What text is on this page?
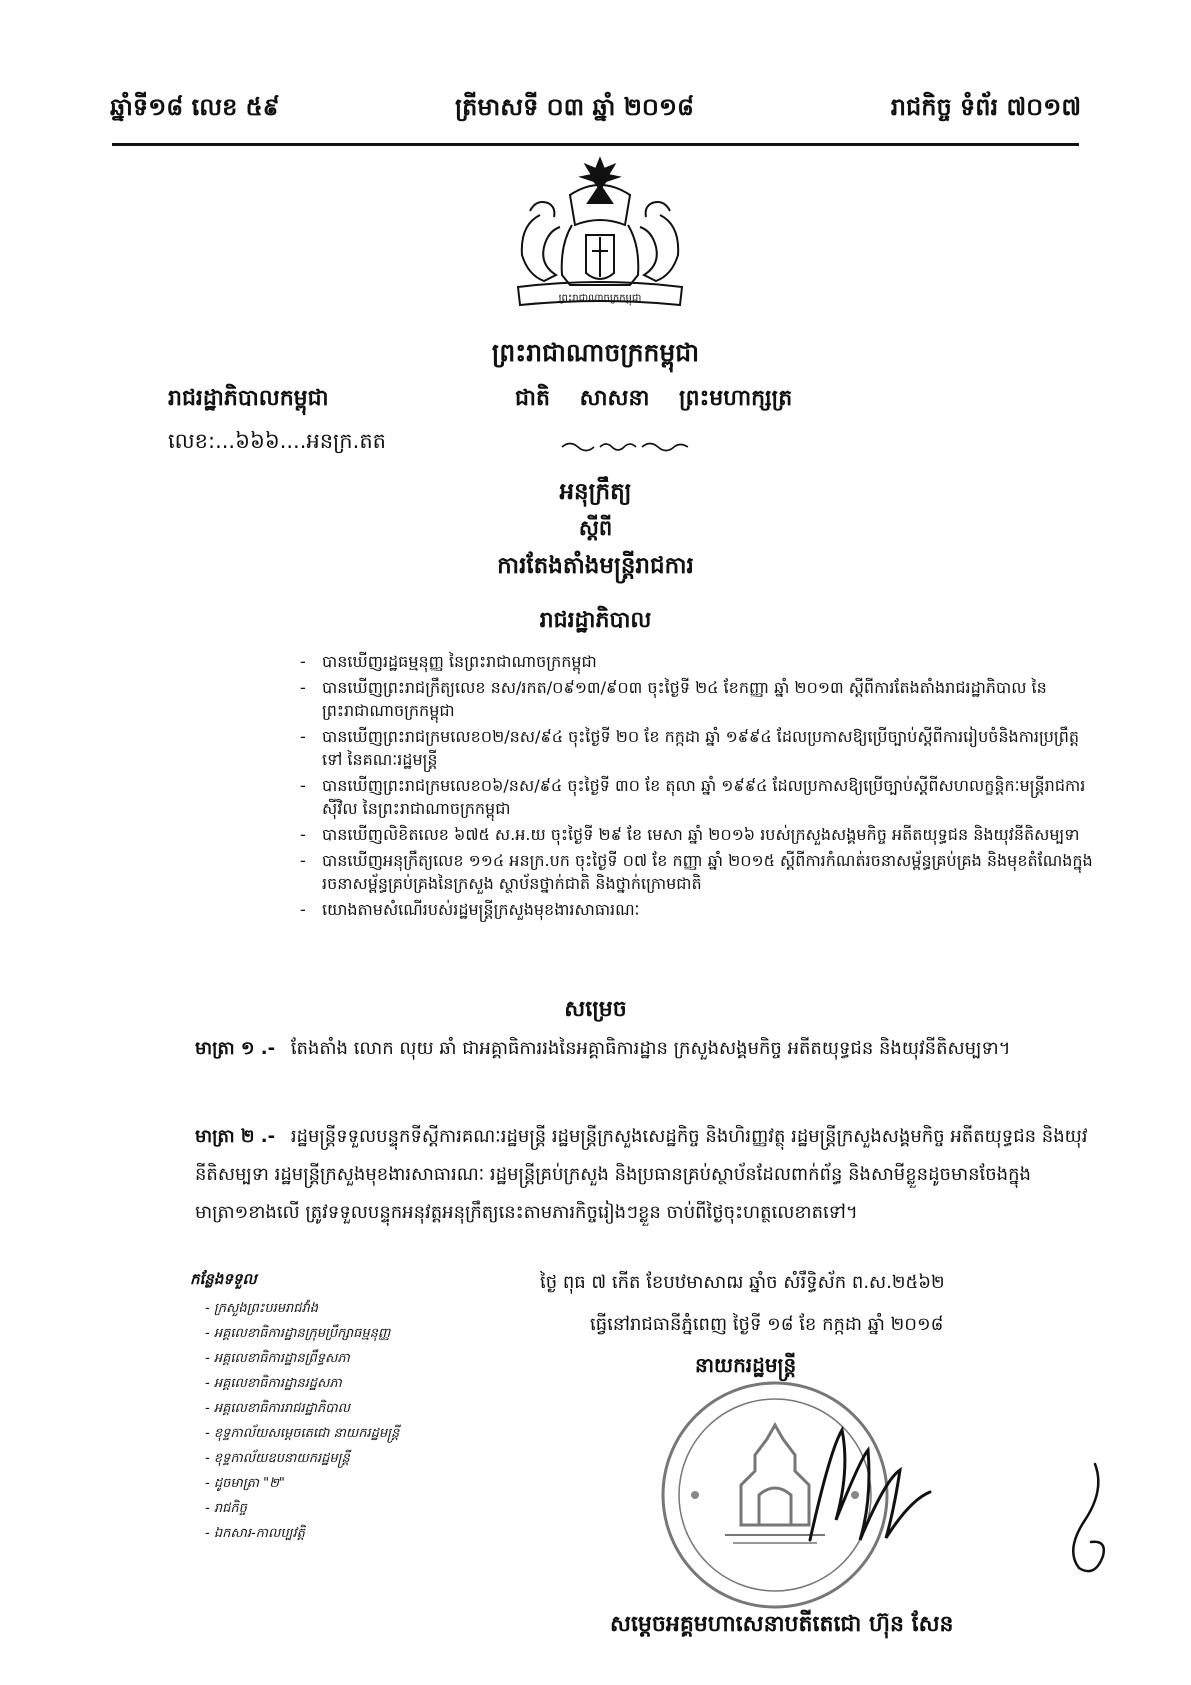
ឆ្នាំទី១៨ លេខ ៥៩	ត្រីមាសទី ០៣ ឆ្នាំ ២០១៨	រាជកិច្ច ទំព័រ ៧០១៧
ព្រះរាជាណាចក្រកម្ពុជា
ព្រះរាជាណាចក្រកម្ពុជា
រាជរដ្ឋាភិបាលកម្ពុជា	ជាតិ សាសនា ព្រះមហាក្សត្រ
លេខ:...៦៦៦....អនក្រ.តត
អនុក្រឹត្យ
ស្តីពី
ការតែងតាំងមន្ត្រីរាជការ
រាជរដ្ឋាភិបាល
- បានឃើញរដ្ឋធម្មនុញ្ញ នៃព្រះរាជាណាចក្រកម្ពុជា
- បានឃើញព្រះរាជក្រឹត្យលេខ នស/រកត/០៩១៣/៩០៣ ចុះថ្ងៃទី ២៤ ខែកញ្ញា ឆ្នាំ ២០១៣ ស្តីពីការតែងតាំងរាជរដ្ឋាភិបាល នៃព្រះរាជាណាចក្រកម្ពុជា
- បានឃើញព្រះរាជក្រមលេខ០២/នស/៩៤ ចុះថ្ងៃទី ២០ ខែ កក្កដា ឆ្នាំ ១៩៩៤ ដែលប្រកាសឱ្យប្រើច្បាប់ស្តីពីការរៀបចំនិងការប្រព្រឹត្តទៅ នៃគណៈរដ្ឋមន្ត្រី
- បានឃើញព្រះរាជក្រមលេខ០៦/នស/៩៤ ចុះថ្ងៃទី ៣០ ខែ តុលា ឆ្នាំ ១៩៩៤ ដែលប្រកាសឱ្យប្រើច្បាប់ស្តីពីសហលក្ខន្តិកៈមន្ត្រីរាជការស៊ីវិល នៃព្រះរាជាណាចក្រកម្ពុជា
- បានឃើញលិខិតលេខ ៦៧៥ ស.អ.យ ចុះថ្ងៃទី ២៩ ខែ មេសា ឆ្នាំ ២០១៦ របស់ក្រសួងសង្គមកិច្ច អតីតយុទ្ធជន និងយុវនីតិសម្បទា
- បានឃើញអនុក្រឹត្យលេខ ១១៤ អនក្រ.បក ចុះថ្ងៃទី ០៧ ខែ កញ្ញា ឆ្នាំ ២០១៥ ស្តីពីការកំណត់រចនាសម្ព័ន្ធគ្រប់គ្រង និងមុខតំណែងក្នុងរចនាសម្ព័ន្ធគ្រប់គ្រងនៃក្រសួង ស្ថាប័នថ្នាក់ជាតិ និងថ្នាក់ក្រោមជាតិ
- យោងតាមសំណើរបស់រដ្ឋមន្ត្រីក្រសួងមុខងារសាធារណៈ
សម្រេច
មាត្រា ១ .- តែងតាំង លោក លុយ ឆាំ ជាអគ្គាធិការរងនៃអគ្គាធិការដ្ឋាន ក្រសួងសង្គមកិច្ច អតីតយុទ្ធជន និងយុវនីតិសម្បទា។
មាត្រា ២ .- រដ្ឋមន្ត្រីទទួលបន្ទុកទីស្តីការគណៈរដ្ឋមន្ត្រី រដ្ឋមន្ត្រីក្រសួងសេដ្ឋកិច្ច និងហិរញ្ញវត្ថុ រដ្ឋមន្ត្រីក្រសួងសង្គមកិច្ច អតីតយុទ្ធជន និងយុវនីតិសម្បទា រដ្ឋមន្ត្រីក្រសួងមុខងារសាធារណៈ រដ្ឋមន្ត្រីគ្រប់ក្រសួង និងប្រធានគ្រប់ស្ថាប័នដែលពាក់ព័ន្ធ និងសាមីខ្លួនដូចមានចែងក្នុងមាត្រា១ខាងលើ ត្រូវទទួលបន្ទុកអនុវត្តអនុក្រឹត្យនេះតាមភារកិច្ចរៀងៗខ្លួន ចាប់ពីថ្ងៃចុះហត្ថលេខាតទៅ។
ថ្ងៃ ពុធ ៧ កើត ខែបឋមាសាឍ ឆ្នាំច សំរឹទ្ធិស័ក ព.ស.២៥៦២
ធ្វើនៅរាជធានីភ្នំពេញ ថ្ងៃទី ១៨ ខែ កក្កដា ឆ្នាំ ២០១៨
នាយករដ្ឋមន្ត្រី
កន្លែងទទួល
- ក្រសួងព្រះបរមរាជវាំង
- អគ្គលេខាធិការដ្ឋានក្រុមប្រឹក្សាធម្មនុញ្ញ
- អគ្គលេខាធិការដ្ឋានព្រឹទ្ធសភា
- អគ្គលេខាធិការដ្ឋានរដ្ឋសភា
- អគ្គលេខាធិការរាជរដ្ឋាភិបាល
- ខុទ្ទកាល័យសម្តេចតេជោ នាយករដ្ឋមន្ត្រី
- ខុទ្ទកាល័យឧបនាយករដ្ឋមន្ត្រី
- ដូចមាត្រា "២"
- រាជកិច្ច
- ឯកសារ-កាលប្បវត្តិ
សម្តេចអគ្គមហាសេនាបតីតេជោ ហ៊ុន សែន
